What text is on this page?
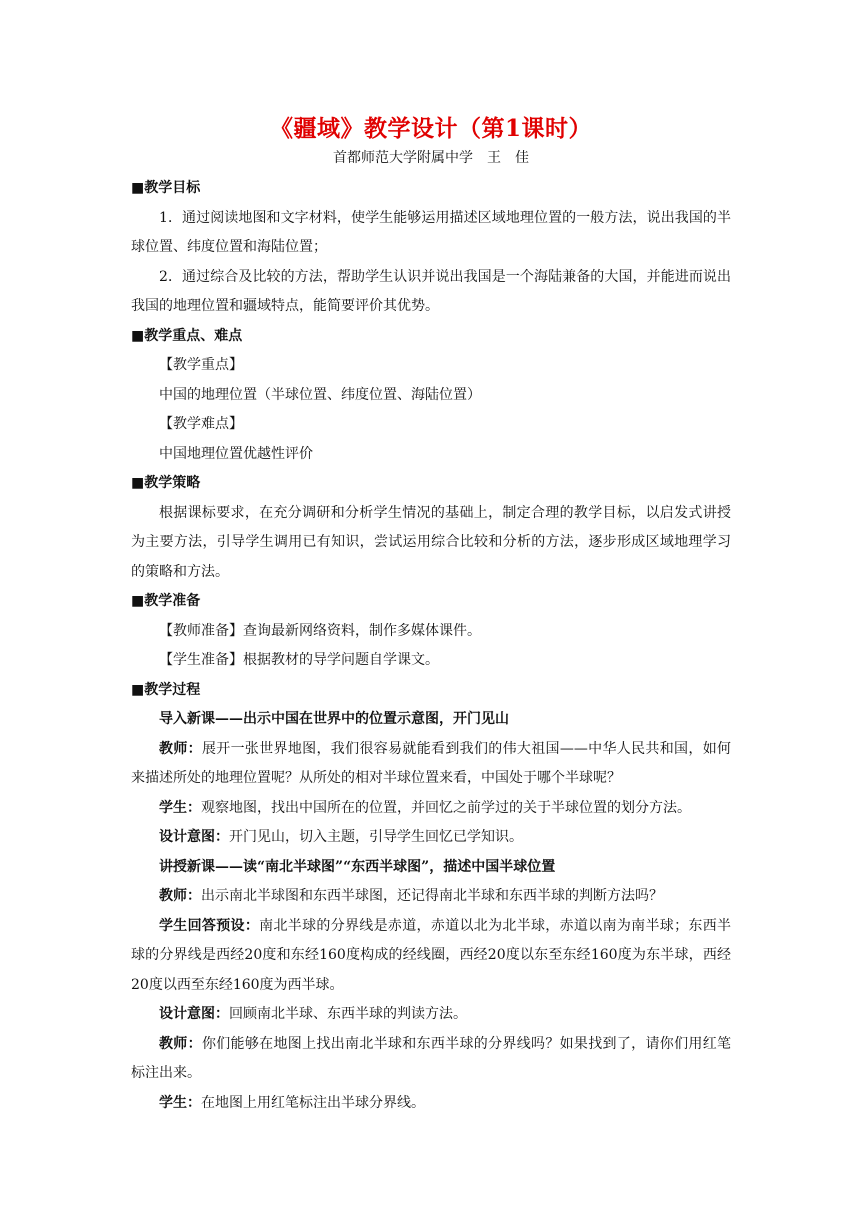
《疆域》教学设计（第1课时）

首都师范大学附属中学　王　佳

■教学目标

1．通过阅读地图和文字材料，使学生能够运用描述区域地理位置的一般方法，说出我国的半球位置、纬度位置和海陆位置；

2．通过综合及比较的方法，帮助学生认识并说出我国是一个海陆兼备的大国，并能进而说出我国的地理位置和疆域特点，能简要评价其优势。

■教学重点、难点

【教学重点】

中国的地理位置（半球位置、纬度位置、海陆位置）

【教学难点】

中国地理位置优越性评价

■教学策略

根据课标要求，在充分调研和分析学生情况的基础上，制定合理的教学目标，以启发式讲授为主要方法，引导学生调用已有知识，尝试运用综合比较和分析的方法，逐步形成区域地理学习的策略和方法。

■教学准备

【教师准备】查询最新网络资料，制作多媒体课件。

【学生准备】根据教材的导学问题自学课文。

■教学过程

导入新课——出示中国在世界中的位置示意图，开门见山

教师：展开一张世界地图，我们很容易就能看到我们的伟大祖国——中华人民共和国，如何来描述所处的地理位置呢？从所处的相对半球位置来看，中国处于哪个半球呢？

学生：观察地图，找出中国所在的位置，并回忆之前学过的关于半球位置的划分方法。

设计意图：开门见山，切入主题，引导学生回忆已学知识。

讲授新课——读“南北半球图”“东西半球图”，描述中国半球位置

教师：出示南北半球图和东西半球图，还记得南北半球和东西半球的判断方法吗？

学生回答预设：南北半球的分界线是赤道，赤道以北为北半球，赤道以南为南半球；东西半球的分界线是西经20度和东经160度构成的经线圈，西经20度以东至东经160度为东半球，西经20度以西至东经160度为西半球。

设计意图：回顾南北半球、东西半球的判读方法。

教师：你们能够在地图上找出南北半球和东西半球的分界线吗？如果找到了，请你们用红笔标注出来。

学生：在地图上用红笔标注出半球分界线。
